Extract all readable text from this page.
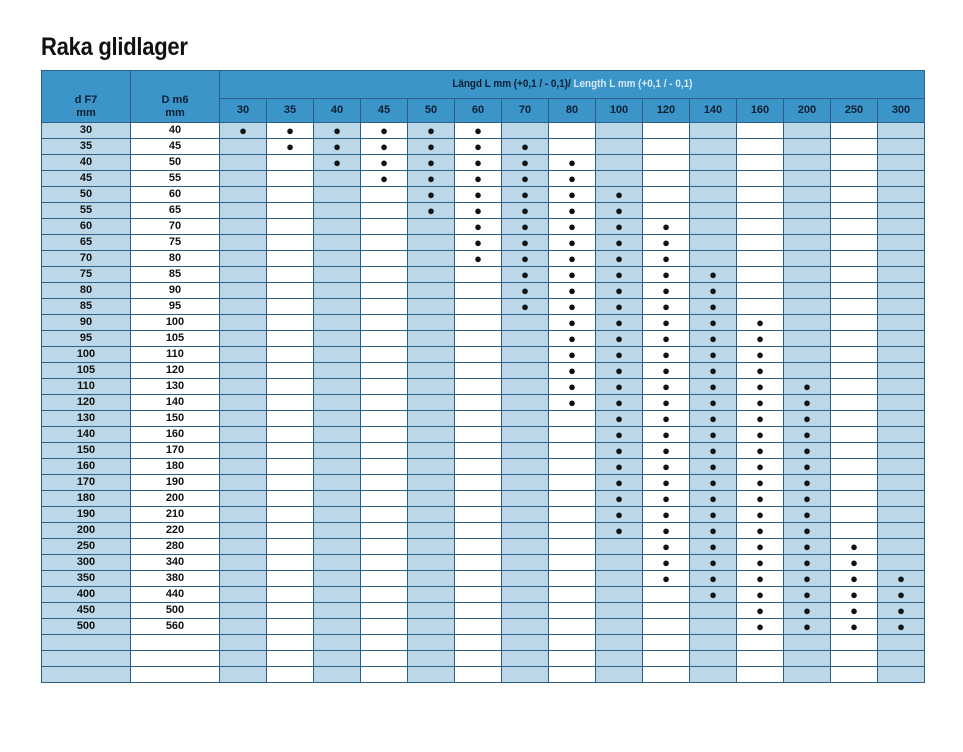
Raka glidlager
d F7
mm	D m6
mm	Längd L mm (+0,1 / - 0,1)/ Length L mm (+0,1 / - 0,1)														
		30	35	40	45	50	60	70	80	100	120	140	160	200	250	300
30	40	●	●	●	●	●	●									
35	45		●	●	●	●	●	●								
40	50			●	●	●	●	●	●							
45	55				●	●	●	●	●							
50	60					●	●	●	●	●						
55	65					●	●	●	●	●						
60	70						●	●	●	●	●					
65	75						●	●	●	●	●					
70	80						●	●	●	●	●					
75	85							●	●	●	●	●				
80	90							●	●	●	●	●				
85	95							●	●	●	●	●				
90	100								●	●	●	●	●			
95	105								●	●	●	●	●			
100	110								●	●	●	●	●			
105	120								●	●	●	●	●			
110	130								●	●	●	●	●	●		
120	140								●	●	●	●	●	●		
130	150									●	●	●	●	●		
140	160									●	●	●	●	●		
150	170									●	●	●	●	●		
160	180									●	●	●	●	●		
170	190									●	●	●	●	●		
180	200									●	●	●	●	●		
190	210									●	●	●	●	●		
200	220									●	●	●	●	●		
250	280										●	●	●	●	●	
300	340										●	●	●	●	●	
350	380										●	●	●	●	●	●
400	440											●	●	●	●	●
450	500												●	●	●	●
500	560												●	●	●	●
